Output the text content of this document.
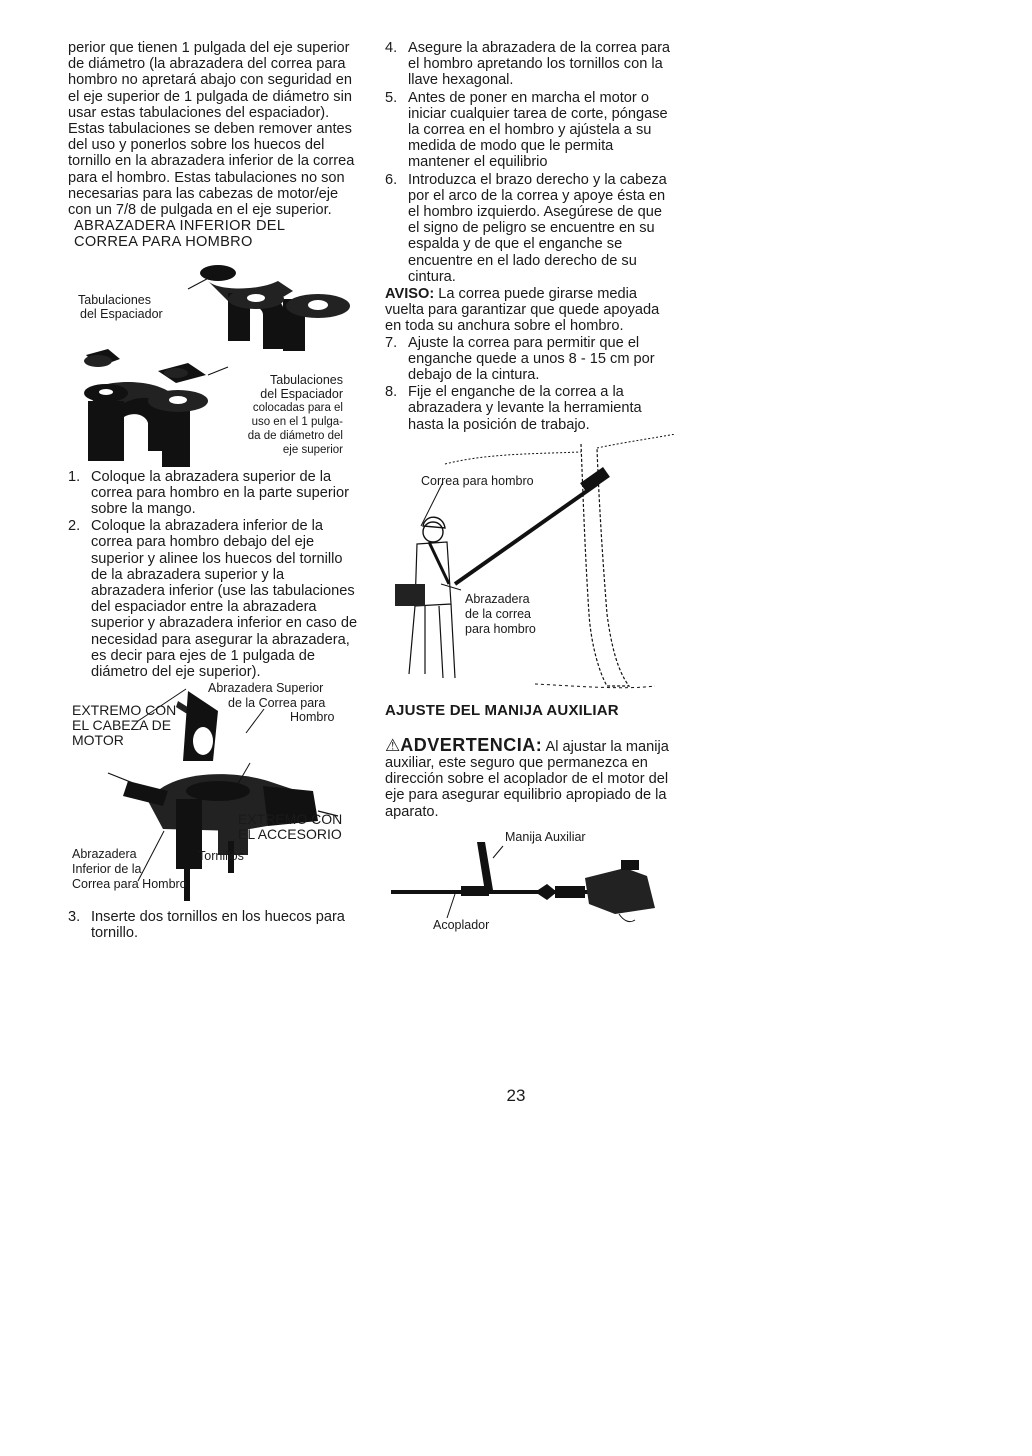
perior que tienen 1 pulgada del eje superior de diámetro (la abrazadera del correa para hombro no apretará abajo con seguridad en el eje superior de 1 pulgada de diámetro sin usar estas tabulaciones del espaciador). Estas tabulaciones se deben remover antes del uso y ponerlos sobre los huecos del tornillo en la abrazadera inferior de la correa para el hombro. Estas tabulaciones no son necesarias para las cabezas de motor/eje con un 7/8 de pulgada en el eje superior.

ABRAZADERA INFERIOR DEL

CORREA PARA HOMBRO

Tabulaciones
del Espaciador
Tabulaciones
del Espaciador
colocadas para el
uso en el 1 pulga-
da de diámetro del
eje superior
1. Coloque la abrazadera superior de la correa para hombro en la parte superior sobre la mango.
2. Coloque la abrazadera inferior de la correa para hombro debajo del eje superior y alinee los huecos del tornillo de la abrazadera superior y la abrazadera inferior (use las tabulaciones del espaciador entre la abrazadera superior y abrazadera inferior en caso de necesidad para asegurar la abrazadera, es decir para ejes de 1 pulgada de diámetro del eje superior).
Abrazadera Superior
de la Correa para
Hombro
EXTREMO CON
EL CABEZA DE
MOTOR
EXTREMO CON
EL ACCESORIO
Abrazadera
Inferior de la
Correa para Hombro
Tornillos
3. Inserte dos tornillos en los huecos para tornillo.
4. Asegure la abrazadera de la correa para el hombro apretando los tornillos con la llave hexagonal.
5. Antes de poner en marcha el motor o iniciar cualquier tarea de corte, póngase la correa en el hombro y ajústela a su medida de modo que le permita mantener el equilibrio
6. Introduzca el brazo derecho y la cabeza por el arco de la correa y apoye ésta en el hombro izquierdo. Asegúrese de que el signo de peligro se encuentre en su espalda y de que el enganche se encuentre en el lado derecho de su cintura.

AVISO: La correa puede girarse media vuelta para garantizar que quede apoyada en toda su anchura sobre el hombro.

7. Ajuste la correa para permitir que el enganche quede a unos 8 - 15 cm por debajo de la cintura.
8. Fije el enganche de la correa a la abrazadera y levante la herramienta hasta la posición de trabajo.
Correa para hombro
Abrazadera
de la correa
para hombro

AJUSTE DEL MANIJA AUXILIAR

⚠ADVERTENCIA: Al ajustar la manija auxiliar, este seguro que permanezca en dirección sobre el acoplador de el motor del eje para asegurar equilibrio apropiado de la aparato.

Manija Auxiliar
Acoplador
23
